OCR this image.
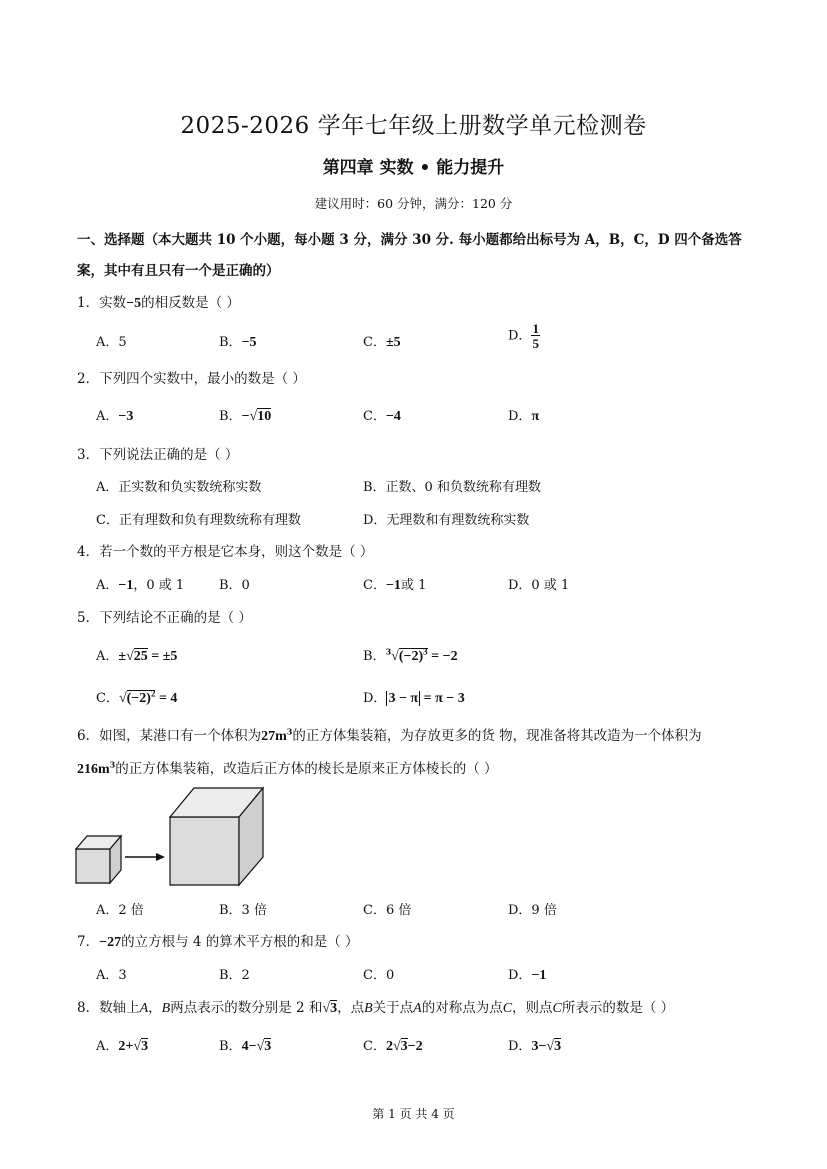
2025-2026 学年七年级上册数学单元检测卷
第四章 实数 • 能力提升
建议用时：60 分钟，满分：120 分
一、选择题（本大题共 10 个小题，每小题 3 分，满分 30 分. 每小题都给出标号为 A，B，C，D 四个备选答
案，其中有且只有一个是正确的）
1．实数−5的相反数是（ ）
A．5	B．−5	C．±5	D． $\frac{1}{5}$
2．下列四个实数中，最小的数是（ ）
A．−3	B．−√10	C．−4	D．π
3．下列说法正确的是（ ）
A．正实数和负实数统称实数	B．正数、0 和负数统称有理数
C．正有理数和负有理数统称有理数	D．无理数和有理数统称实数
4．若一个数的平方根是它本身，则这个数是（ ）
A．−1，0 或 1	B．0	C．−1或 1	D．0 或 1
5．下列结论不正确的是（ ）
A．±√25 = ±5	B．$^3√(-2)^3 = -2$
C．$√(-2)^2 = 4$	D． 3 − π = π − 3
6．如图，某港口有一个体积为$27m^3$的正方体集装箱，为存放更多的货 物，现准备将其改造为一个体积为
$216m^3$的正方体集装箱，改造后正方体的棱长是原来正方体棱长的（ ）
A．2 倍	B．3 倍	C．6 倍	D．9 倍
7．−27的立方根与 4 的算术平方根的和是（ ）
A．3	B．2	C．0	D．−1
8．数轴上A，B两点表示的数分别是 2 和√3，点B关于点A的对称点为点C，则点C所表示的数是（ ）
A．2+√3	B．4−√3	C．2√3−2	D．3−√3
第 1 页 共 4 页
